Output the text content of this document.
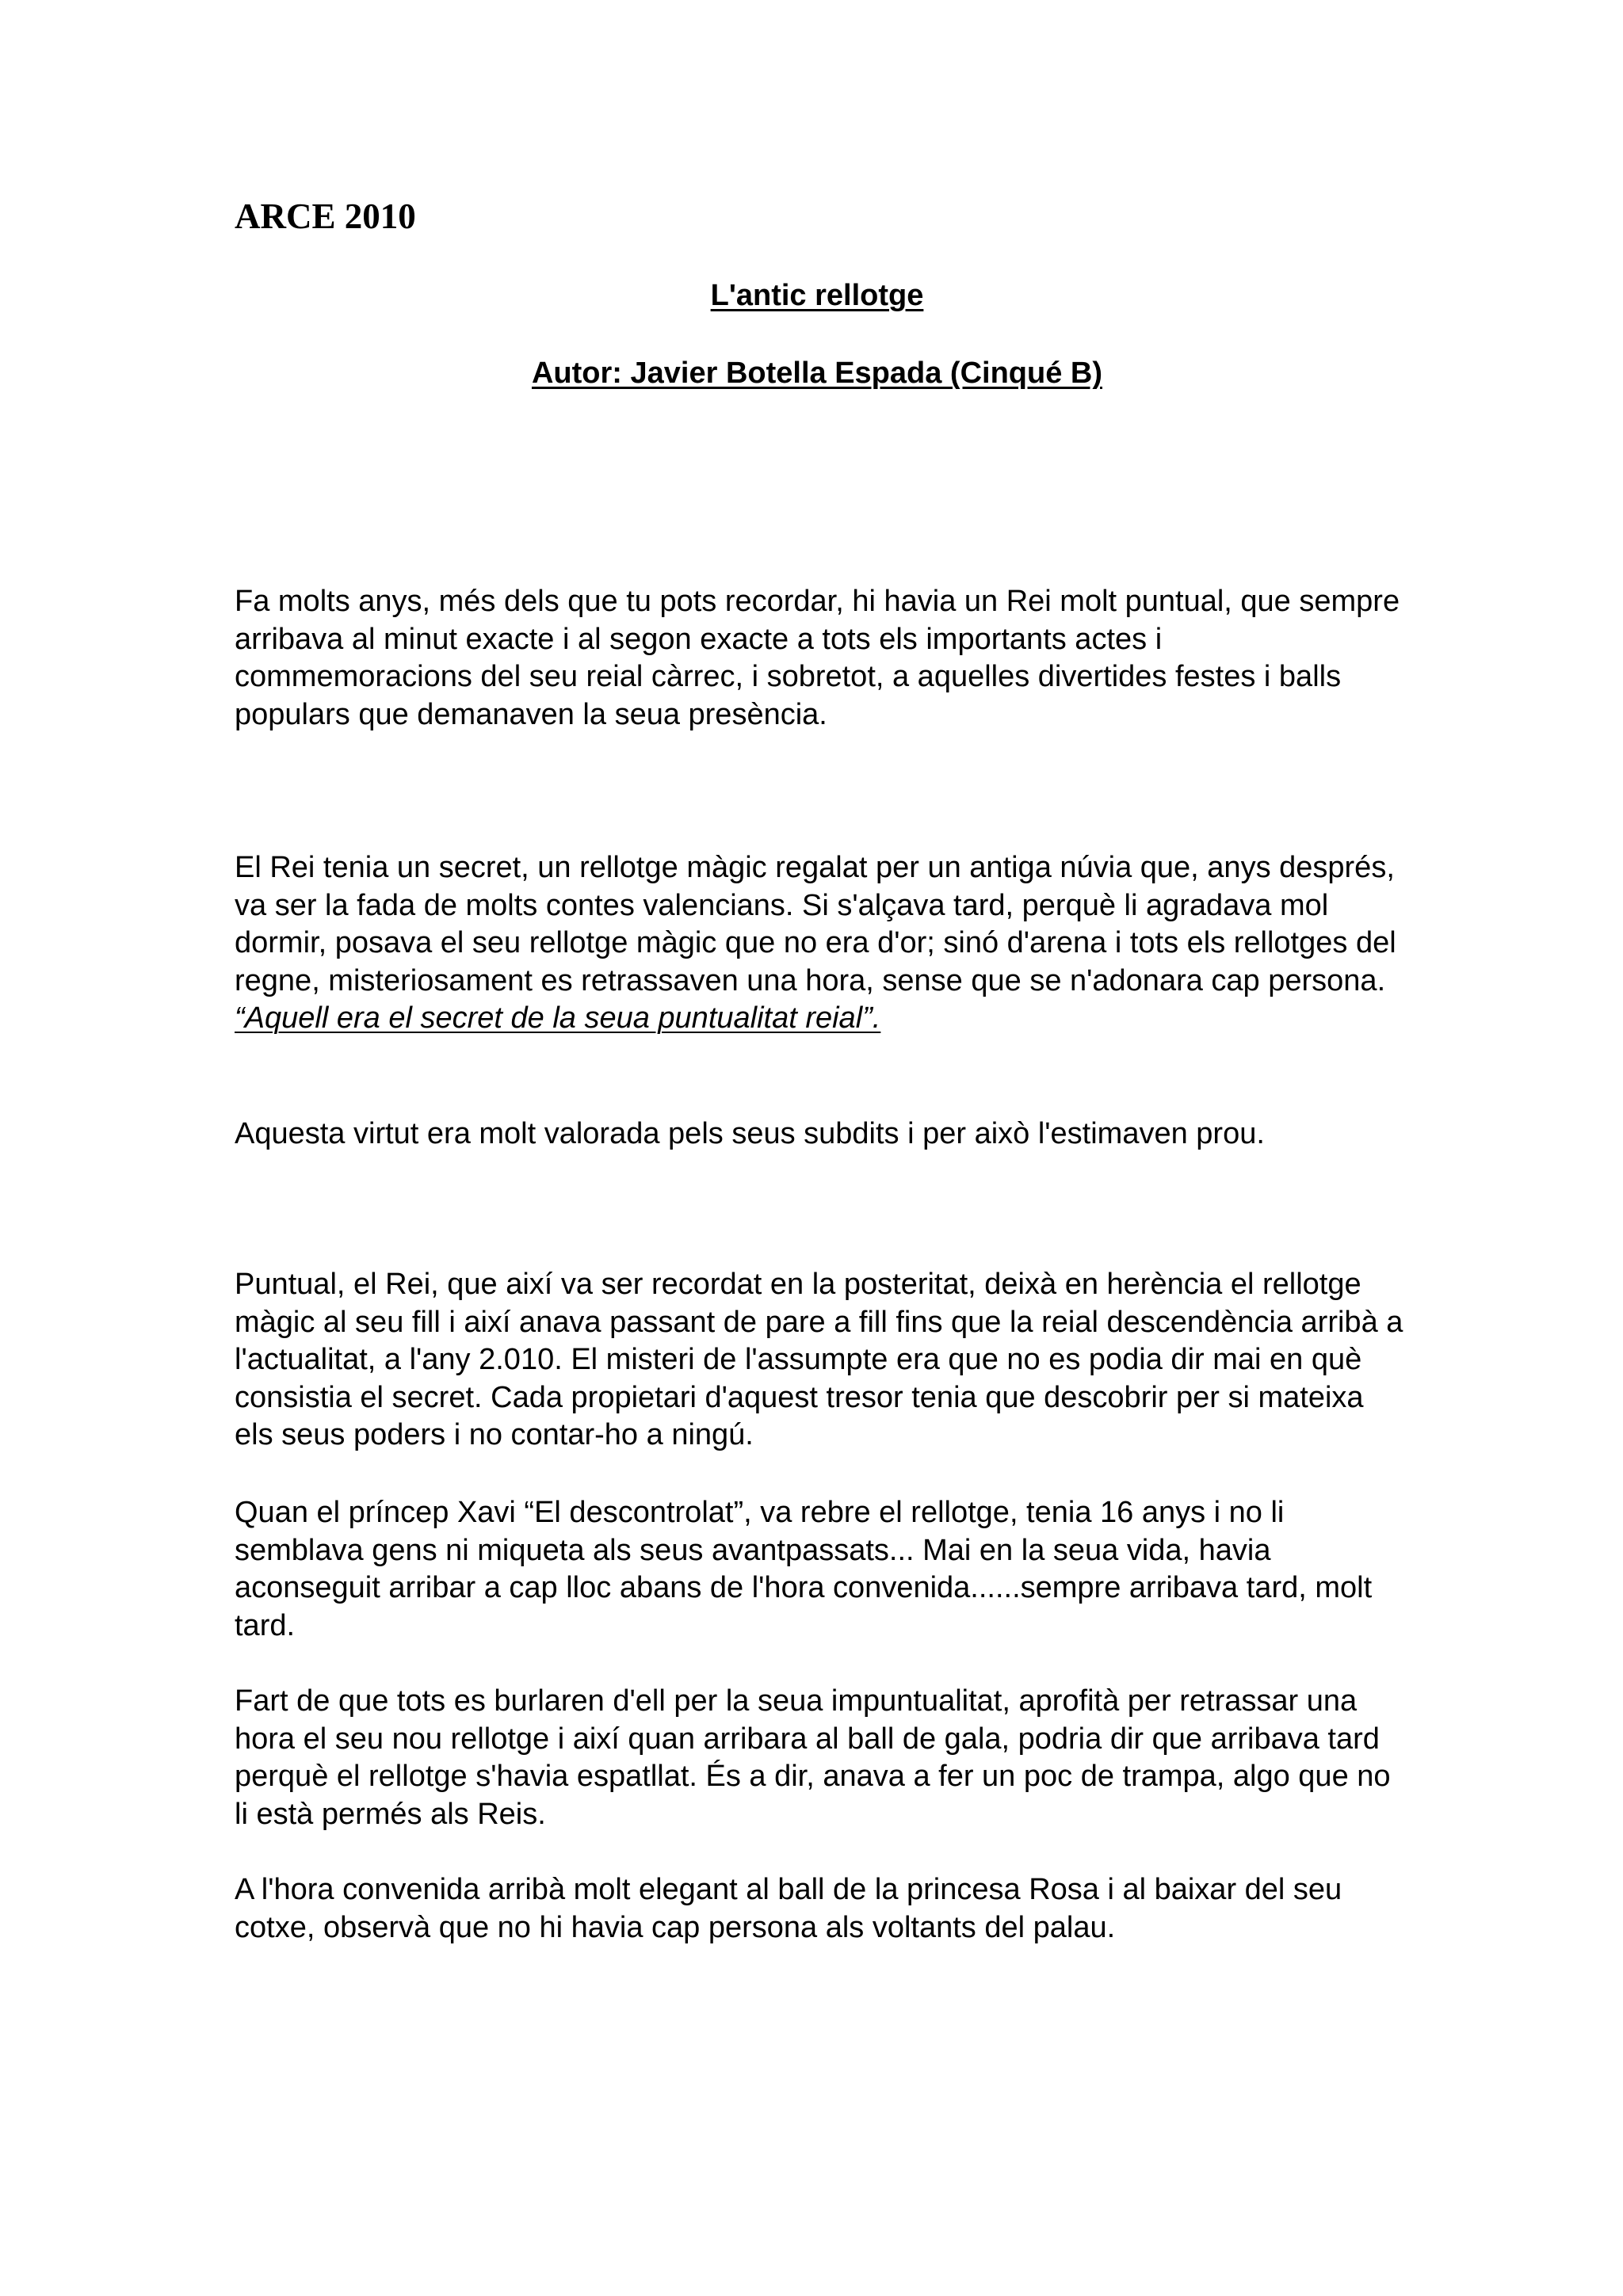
ARCE 2010
L'antic rellotge
Autor: Javier Botella Espada (Cinqué B)

Fa molts anys, més dels que tu pots recordar, hi havia un Rei molt puntual, que sempre arribava al minut exacte i al segon exacte a tots els importants actes i commemoracions del seu reial càrrec, i sobretot, a aquelles divertides festes i balls populars que demanaven la seua presència.

El Rei tenia un secret, un rellotge màgic regalat per un antiga núvia que, anys després, va ser la fada de molts contes valencians. Si s'alçava tard, perquè li agradava mol dormir, posava el seu rellotge màgic que no era d'or; sinó d'arena i tots els rellotges del regne, misteriosament es retrassaven una hora, sense que se n'adonara cap persona. “Aquell era el secret de la seua puntualitat reial”.

Aquesta virtut era molt valorada pels seus subdits i per això l'estimaven prou.

Puntual, el Rei, que així va ser recordat en la posteritat, deixà en herència el rellotge màgic al seu fill i així anava passant de pare a fill fins que la reial descendència arribà a l'actualitat, a l'any 2.010. El misteri de l'assumpte era que no es podia dir mai en què consistia el secret. Cada propietari d'aquest tresor tenia que descobrir per si mateixa els seus poders i no contar-ho a ningú.

Quan el príncep Xavi “El descontrolat”, va rebre el rellotge, tenia 16 anys i no li semblava gens ni miqueta als seus avantpassats... Mai en la seua vida, havia aconseguit arribar a cap lloc abans de l'hora convenida......sempre arribava tard, molt tard.

Fart de que tots es burlaren d'ell per la seua impuntualitat, aprofità per retrassar una hora el seu nou rellotge i així quan arribara al ball de gala, podria dir que arribava tard perquè el rellotge s'havia espatllat. És a dir, anava a fer un poc de trampa, algo que no li està permés als Reis.

A l'hora convenida arribà molt elegant al ball de la princesa Rosa i al baixar del seu cotxe, observà que no hi havia cap persona als voltants del palau.
